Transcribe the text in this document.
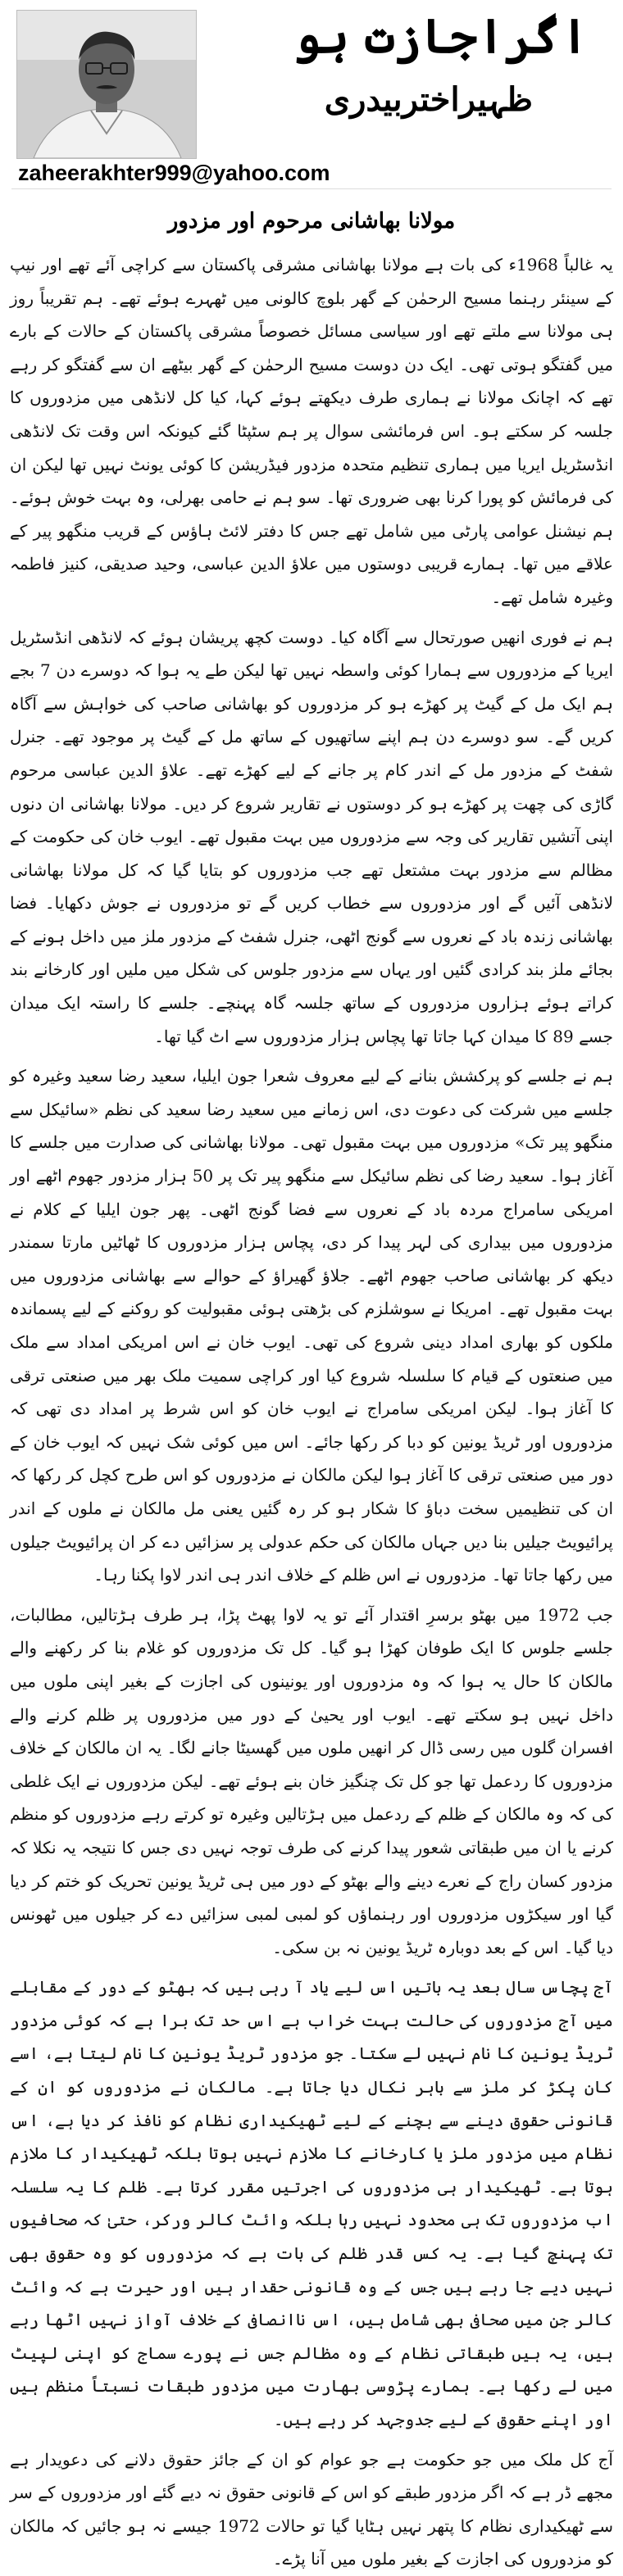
اگراجازت ہو
ظہیراختربیدری
zaheerakhter999@yahoo.com
مولانا بھاشانی مرحوم اور مزدور

یہ غالباً 1968ء کی بات ہے مولانا بھاشانی مشرقی پاکستان سے کراچی آئے تھے اور نیپ کے سینئر رہنما مسیح الرحمٰن کے گھر بلوچ کالونی میں ٹھہرے ہوئے تھے۔ ہم تقریباً روز ہی مولانا سے ملتے تھے اور سیاسی مسائل خصوصاً مشرقی پاکستان کے حالات کے بارے میں گفتگو ہوتی تھی۔ ایک دن دوست مسیح الرحمٰن کے گھر بیٹھے ان سے گفتگو کر رہے تھے کہ اچانک مولانا نے ہماری طرف دیکھتے ہوئے کہا، کیا کل لانڈھی میں مزدوروں کا جلسہ کر سکتے ہو۔ اس فرمائشی سوال پر ہم سٹپٹا گئے کیونکہ اس وقت تک لانڈھی انڈسٹریل ایریا میں ہماری تنظیم متحدہ مزدور فیڈریشن کا کوئی یونٹ نہیں تھا لیکن ان کی فرمائش کو پورا کرنا بھی ضروری تھا۔ سو ہم نے حامی بھرلی، وہ بہت خوش ہوئے۔ ہم نیشنل عوامی پارٹی میں شامل تھے جس کا دفتر لائٹ ہاؤس کے قریب منگھو پیر کے علاقے میں تھا۔ ہمارے قریبی دوستوں میں علاؤ الدین عباسی، وحید صدیقی، کنیز فاطمہ وغیرہ شامل تھے۔

ہم نے فوری انھیں صورتحال سے آگاہ کیا۔ دوست کچھ پریشان ہوئے کہ لانڈھی انڈسٹریل ایریا کے مزدوروں سے ہمارا کوئی واسطہ نہیں تھا لیکن طے یہ ہوا کہ دوسرے دن 7 بجے ہم ایک مل کے گیٹ پر کھڑے ہو کر مزدوروں کو بھاشانی صاحب کی خواہش سے آگاہ کریں گے۔ سو دوسرے دن ہم اپنے ساتھیوں کے ساتھ مل کے گیٹ پر موجود تھے۔ جنرل شفٹ کے مزدور مل کے اندر کام پر جانے کے لیے کھڑے تھے۔ علاؤ الدین عباسی مرحوم گاڑی کی چھت پر کھڑے ہو کر دوستوں نے تقاریر شروع کر دیں۔ مولانا بھاشانی ان دنوں اپنی آتشیں تقاریر کی وجہ سے مزدوروں میں بہت مقبول تھے۔ ایوب خان کی حکومت کے مظالم سے مزدور بہت مشتعل تھے جب مزدوروں کو بتایا گیا کہ کل مولانا بھاشانی لانڈھی آئیں گے اور مزدوروں سے خطاب کریں گے تو مزدوروں نے جوش دکھایا۔ فضا بھاشانی زندہ باد کے نعروں سے گونج اٹھی، جنرل شفٹ کے مزدور ملز میں داخل ہونے کے بجائے ملز بند کرادی گئیں اور یہاں سے مزدور جلوس کی شکل میں ملیں اور کارخانے بند کراتے ہوئے ہزاروں مزدوروں کے ساتھ جلسہ گاہ پہنچے۔ جلسے کا راستہ ایک میدان جسے 89 کا میدان کہا جاتا تھا پچاس ہزار مزدوروں سے اٹ گیا تھا۔

ہم نے جلسے کو پرکشش بنانے کے لیے معروف شعرا جون ایلیا، سعید رضا سعید وغیرہ کو جلسے میں شرکت کی دعوت دی، اس زمانے میں سعید رضا سعید کی نظم «سائیکل سے منگھو پیر تک» مزدوروں میں بہت مقبول تھی۔ مولانا بھاشانی کی صدارت میں جلسے کا آغاز ہوا۔ سعید رضا کی نظم سائیکل سے منگھو پیر تک پر 50 ہزار مزدور جھوم اٹھے اور امریکی سامراج مردہ باد کے نعروں سے فضا گونج اٹھی۔ پھر جون ایلیا کے کلام نے مزدوروں میں بیداری کی لہر پیدا کر دی، پچاس ہزار مزدوروں کا ٹھاٹیں مارتا سمندر دیکھ کر بھاشانی صاحب جھوم اٹھے۔ جلاؤ گھیراؤ کے حوالے سے بھاشانی مزدوروں میں بہت مقبول تھے۔ امریکا نے سوشلزم کی بڑھتی ہوئی مقبولیت کو روکنے کے لیے پسماندہ ملکوں کو بھاری امداد دینی شروع کی تھی۔ ایوب خان نے اس امریکی امداد سے ملک میں صنعتوں کے قیام کا سلسلہ شروع کیا اور کراچی سمیت ملک بھر میں صنعتی ترقی کا آغاز ہوا۔ لیکن امریکی سامراج نے ایوب خان کو اس شرط پر امداد دی تھی کہ مزدوروں اور ٹریڈ یونین کو دبا کر رکھا جائے۔ اس میں کوئی شک نہیں کہ ایوب خان کے دور میں صنعتی ترقی کا آغاز ہوا لیکن مالکان نے مزدوروں کو اس طرح کچل کر رکھا کہ ان کی تنظیمیں سخت دباؤ کا شکار ہو کر رہ گئیں یعنی مل مالکان نے ملوں کے اندر پرائیویٹ جیلیں بنا دیں جہاں مالکان کی حکم عدولی پر سزائیں دے کر ان پرائیویٹ جیلوں میں رکھا جاتا تھا۔ مزدوروں نے اس ظلم کے خلاف اندر ہی اندر لاوا پکنا رہا۔

جب 1972 میں بھٹو برسرِ اقتدار آئے تو یہ لاوا پھٹ پڑا، ہر طرف ہڑتالیں، مطالبات، جلسے جلوس کا ایک طوفان کھڑا ہو گیا۔ کل تک مزدوروں کو غلام بنا کر رکھنے والے مالکان کا حال یہ ہوا کہ وہ مزدوروں اور یونینوں کی اجازت کے بغیر اپنی ملوں میں داخل نہیں ہو سکتے تھے۔ ایوب اور یحییٰ کے دور میں مزدوروں پر ظلم کرنے والے افسران گلوں میں رسی ڈال کر انھیں ملوں میں گھسیٹا جانے لگا۔ یہ ان مالکان کے خلاف مزدوروں کا ردعمل تھا جو کل تک چنگیز خان بنے ہوئے تھے۔ لیکن مزدوروں نے ایک غلطی کی کہ وہ مالکان کے ظلم کے ردعمل میں ہڑتالیں وغیرہ تو کرتے رہے مزدوروں کو منظم کرنے یا ان میں طبقاتی شعور پیدا کرنے کی طرف توجہ نہیں دی جس کا نتیجہ یہ نکلا کہ مزدور کسان راج کے نعرے دینے والے بھٹو کے دور میں ہی ٹریڈ یونین تحریک کو ختم کر دیا گیا اور سیکڑوں مزدوروں اور رہنماؤں کو لمبی لمبی سزائیں دے کر جیلوں میں ٹھونس دیا گیا۔ اس کے بعد دوبارہ ٹریڈ یونین نہ بن سکی۔

آج پچاس سال بعد یہ باتیں اس لیے یاد آ رہی ہیں کہ بھٹو کے دور کے مقابلے میں آج مزدوروں کی حالت بہت خراب ہے اس حد تک برا ہے کہ کوئی مزدور ٹریڈ یونین کا نام نہیں لے سکتا۔ جو مزدور ٹریڈ یونین کا نام لیتا ہے، اسے کان پکڑ کر ملز سے باہر نکال دیا جاتا ہے۔ مالکان نے مزدوروں کو ان کے قانونی حقوق دینے سے بچنے کے لیے ٹھیکیداری نظام کو نافذ کر دیا ہے، اس نظام میں مزدور ملز یا کارخانے کا ملازم نہیں ہوتا بلکہ ٹھیکیدار کا ملازم ہوتا ہے۔ ٹھیکیدار ہی مزدوروں کی اجرتیں مقرر کرتا ہے۔ ظلم کا یہ سلسلہ اب مزدوروں تک ہی محدود نہیں رہا بلکہ وائٹ کالر ورکر، حتیٰ کہ صحافیوں تک پہنچ گیا ہے۔ یہ کس قدر ظلم کی بات ہے کہ مزدوروں کو وہ حقوق بھی نہیں دیے جا رہے ہیں جس کے وہ قانونی حقدار ہیں اور حیرت ہے کہ وائٹ کالر جن میں صحافی بھی شامل ہیں، اس ناانصافی کے خلاف آواز نہیں اٹھا رہے ہیں، یہ ہیں طبقاتی نظام کے وہ مظالم جس نے پورے سماج کو اپنی لپیٹ میں لے رکھا ہے۔ ہمارے پڑوسی بھارت میں مزدور طبقات نسبتاً منظم ہیں اور اپنے حقوق کے لیے جدوجہد کر رہے ہیں۔

آج کل ملک میں جو حکومت ہے جو عوام کو ان کے جائز حقوق دلانے کی دعویدار ہے مجھے ڈر ہے کہ اگر مزدور طبقے کو اس کے قانونی حقوق نہ دیے گئے اور مزدوروں کے سر سے ٹھیکیداری نظام کا پتھر نہیں ہٹایا گیا تو حالات 1972 جیسے نہ ہو جائیں کہ مالکان کو مزدوروں کی اجازت کے بغیر ملوں میں آنا پڑے۔
